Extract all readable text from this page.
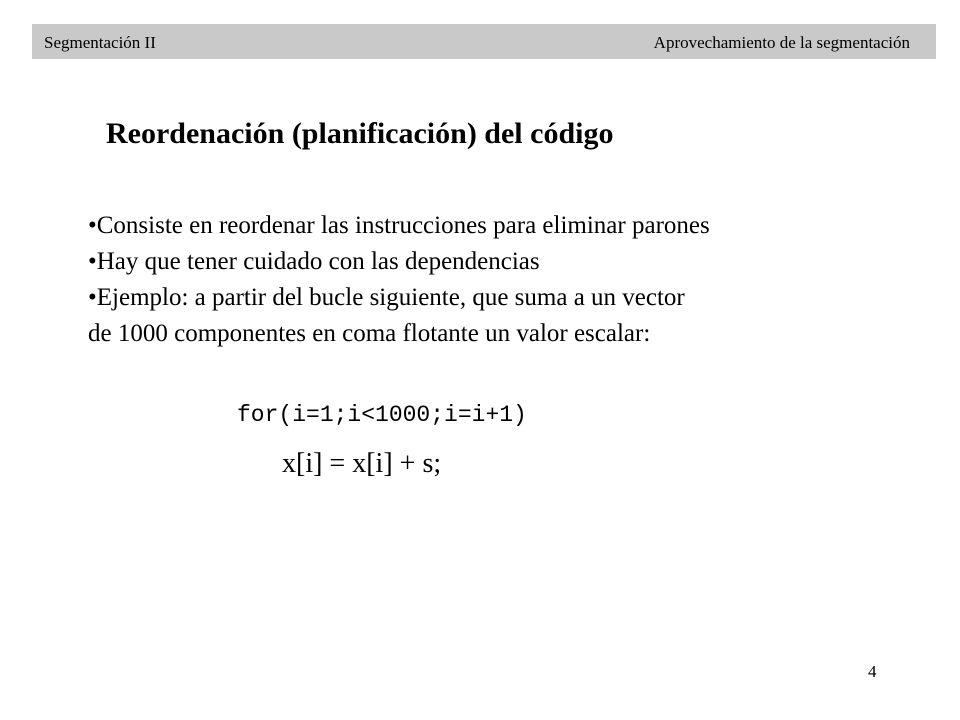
Segmentación II	Aprovechamiento de la segmentación
Reordenación (planificación) del código
•Consiste en reordenar las instrucciones para eliminar parones
•Hay que tener cuidado con las dependencias
•Ejemplo: a partir del bucle siguiente, que suma a un vector
de 1000 componentes en coma flotante un valor escalar:
for(i=1;i<1000;i=i+1)
x[i] = x[i] + s;
4
